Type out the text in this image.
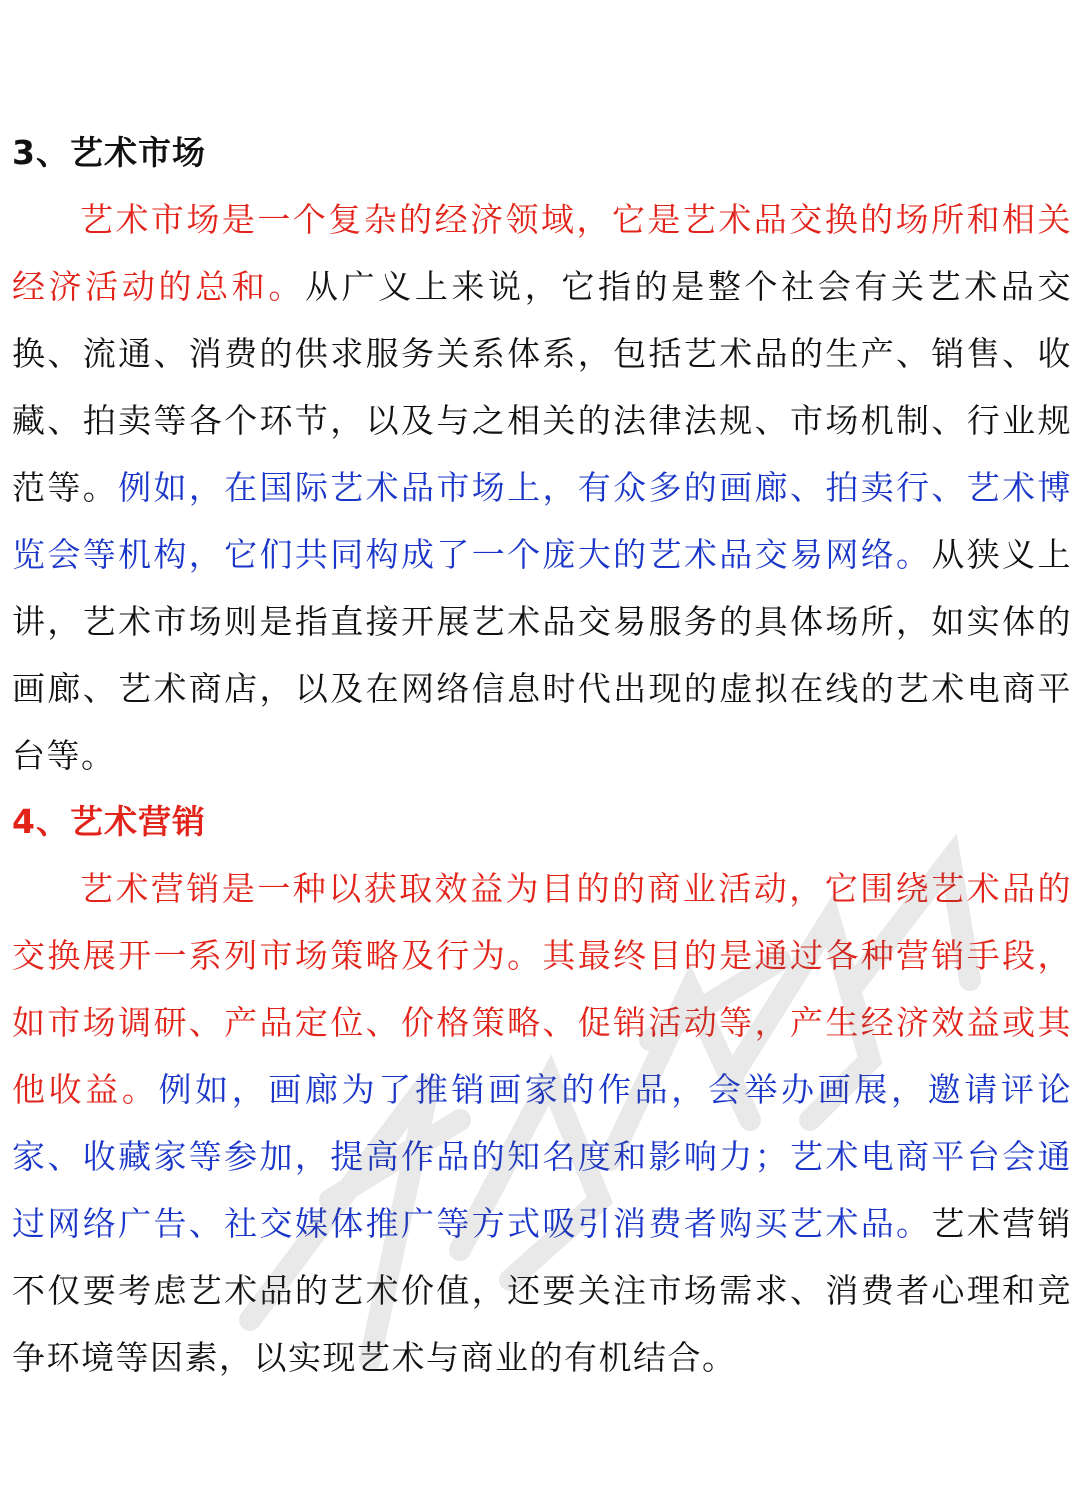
3、艺术市场

艺术市场是一个复杂的经济领域，它是艺术品交换的场所和相关经济活动的总和。从广义上来说，它指的是整个社会有关艺术品交换、流通、消费的供求服务关系体系，包括艺术品的生产、销售、收藏、拍卖等各个环节，以及与之相关的法律法规、市场机制、行业规范等。例如，在国际艺术品市场上，有众多的画廊、拍卖行、艺术博览会等机构，它们共同构成了一个庞大的艺术品交易网络。从狭义上讲，艺术市场则是指直接开展艺术品交易服务的具体场所，如实体的画廊、艺术商店，以及在网络信息时代出现的虚拟在线的艺术电商平台等。

4、艺术营销

艺术营销是一种以获取效益为目的的商业活动，它围绕艺术品的交换展开一系列市场策略及行为。其最终目的是通过各种营销手段，如市场调研、产品定位、价格策略、促销活动等，产生经济效益或其他收益。例如，画廊为了推销画家的作品，会举办画展，邀请评论家、收藏家等参加，提高作品的知名度和影响力；艺术电商平台会通过网络广告、社交媒体推广等方式吸引消费者购买艺术品。艺术营销不仅要考虑艺术品的艺术价值，还要关注市场需求、消费者心理和竞争环境等因素，以实现艺术与商业的有机结合。
